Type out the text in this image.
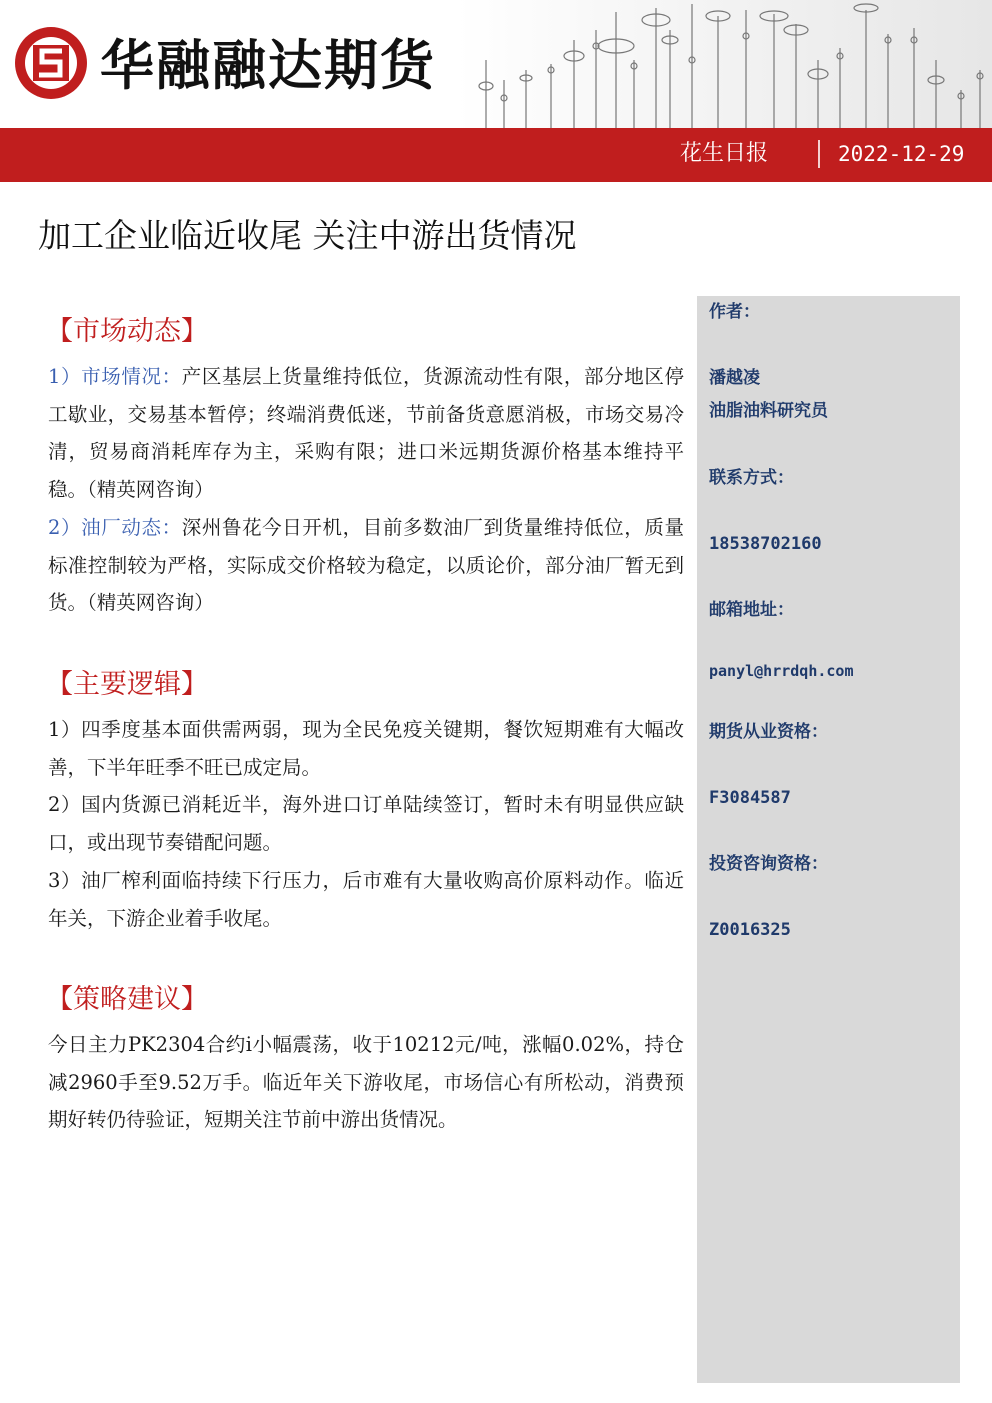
华融融达期货
花生日报	2022-12-29
加工企业临近收尾 关注中游出货情况
作者：
潘越凌
油脂油料研究员
联系方式：
18538702160
邮箱地址：
panyl@hrrdqh.com
期货从业资格：
F3084587
投资咨询资格：
Z0016325
【市场动态】
1）市场情况：产区基层上货量维持低位，货源流动性有限，部分地区停工歇业，交易基本暂停；终端消费低迷，节前备货意愿消极，市场交易冷清，贸易商消耗库存为主，采购有限；进口米远期货源价格基本维持平稳。（精英网咨询）
2）油厂动态：深州鲁花今日开机，目前多数油厂到货量维持低位，质量标准控制较为严格，实际成交价格较为稳定，以质论价，部分油厂暂无到货。（精英网咨询）
【主要逻辑】
1）四季度基本面供需两弱，现为全民免疫关键期，餐饮短期难有大幅改善，下半年旺季不旺已成定局。
2）国内货源已消耗近半，海外进口订单陆续签订，暂时未有明显供应缺口，或出现节奏错配问题。
3）油厂榨利面临持续下行压力，后市难有大量收购高价原料动作。临近年关，下游企业着手收尾。
【策略建议】
今日主力PK2304合约i小幅震荡，收于10212元/吨，涨幅0.02%，持仓减2960手至9.52万手。临近年关下游收尾，市场信心有所松动，消费预期好转仍待验证，短期关注节前中游出货情况。
